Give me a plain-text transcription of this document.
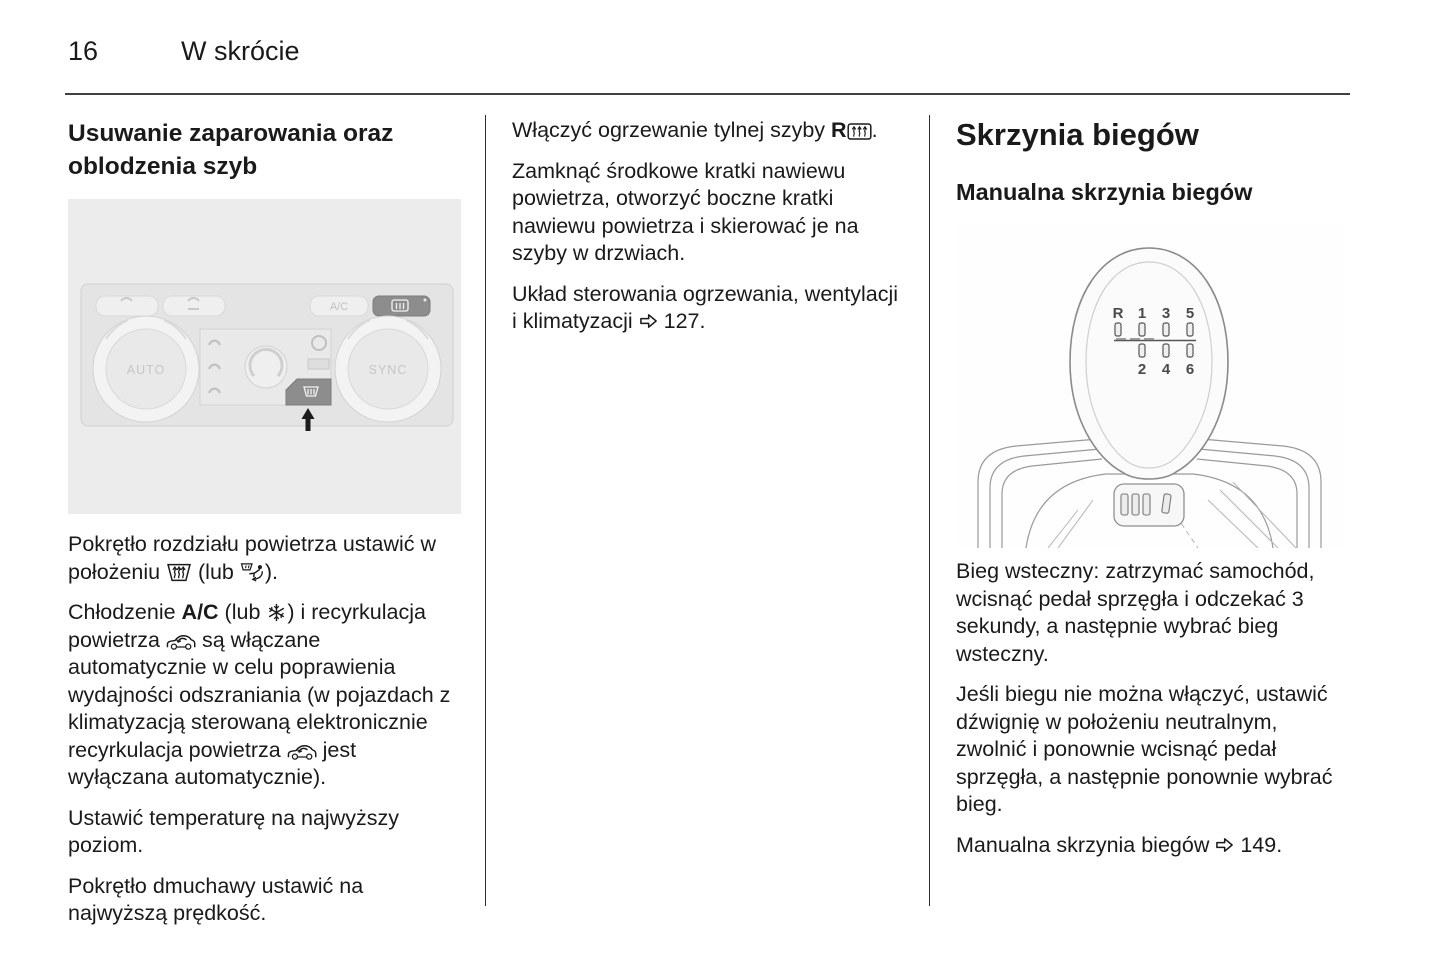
16	W skrócie
Usuwanie zaparowania oraz oblodzenia szyb
A/C
AUTO	SYNC

Pokrętło rozdziału powietrza ustawić w położeniu  (lub ).

Chłodzenie A/C (lub ) i recyrkulacja powietrza  są włączane automatycznie w celu poprawienia wydajności odszraniania (w pojazdach z klimatyzacją sterowaną elektronicznie recyrkulacja powietrza  jest wyłączana automatycznie).

Ustawić temperaturę na najwyższy poziom.

Pokrętło dmuchawy ustawić na najwyższą prędkość.

Włączyć ogrzewanie tylnej szyby R .

Zamknąć środkowe kratki nawiewu powietrza, otworzyć boczne kratki nawiewu powietrza i skierować je na szyby w drzwiach.

Układ sterowania ogrzewania, wentylacji i klimatyzacji  127.

Skrzynia biegów
Manualna skrzynia biegów
R 1 3 5
2 4 6

Bieg wsteczny: zatrzymać samochód, wcisnąć pedał sprzęgła i odczekać 3 sekundy, a następnie wybrać bieg wsteczny.

Jeśli biegu nie można włączyć, ustawić dźwignię w położeniu neutralnym, zwolnić i ponownie wcisnąć pedał sprzęgła, a następnie ponownie wybrać bieg.

Manualna skrzynia biegów  149.
